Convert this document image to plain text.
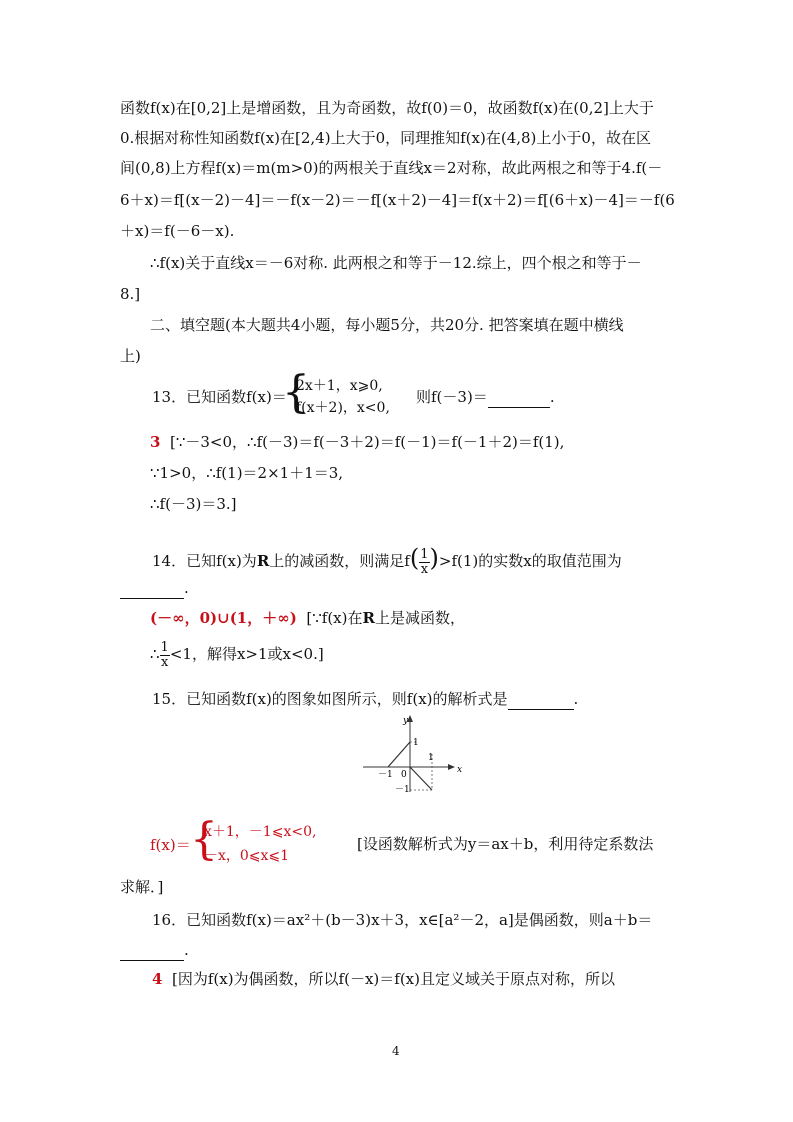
函数f(x)在[0,2]上是增函数，且为奇函数，故f(0)＝0，故函数f(x)在(0,2]上大于
0.根据对称性知函数f(x)在[2,4)上大于0，同理推知f(x)在(4,8)上小于0，故在区
间(0,8)上方程f(x)＝m(m>0)的两根关于直线x＝2对称，故此两根之和等于4.f(－
6＋x)＝f[(x－2)－4]＝－f(x－2)＝－f[(x＋2)－4]＝f(x＋2)＝f[(6＋x)－4]＝－f(6
＋x)＝f(－6－x).
∴f(x)关于直线x＝－6对称. 此两根之和等于－12.综上，四个根之和等于－
8.]
二、填空题(本大题共4小题，每小题5分，共20分. 把答案填在题中横线
上)
13．已知函数f(x)＝
{
2x＋1，x⩾0,
f(x＋2)，x<0,
则f(－3)＝	.
3 [∵－3<0，∴f(－3)＝f(－3＋2)＝f(－1)＝f(－1＋2)＝f(1),
∵1>0，∴f(1)＝2×1＋1＝3,
∴f(－3)＝3.]
14．已知f(x)为R上的减函数，则满足$f( \frac{1}{x} )>f(1)$的实数x的取值范围为
.
(－∞，0)∪(1，＋∞) [∵f(x)在R上是减函数，
∴ $\frac{1}{x} <1$，解得x>1或x<0.]
15．已知函数f(x)的图象如图所示，则f(x)的解析式是	.
y
x
1
1
－1 0
－1
f(x)＝ {
x＋1，－1⩽x<0,
－x，0⩽x⩽1
[设函数解析式为y＝ax＋b，利用待定系数法
求解．]
16．已知函数f(x)＝ax²＋(b－3)x＋3，x∈[a²－2，a]是偶函数，则a＋b＝
.
4 [因为f(x)为偶函数，所以f(－x)＝f(x)且定义域关于原点对称，所以
4
